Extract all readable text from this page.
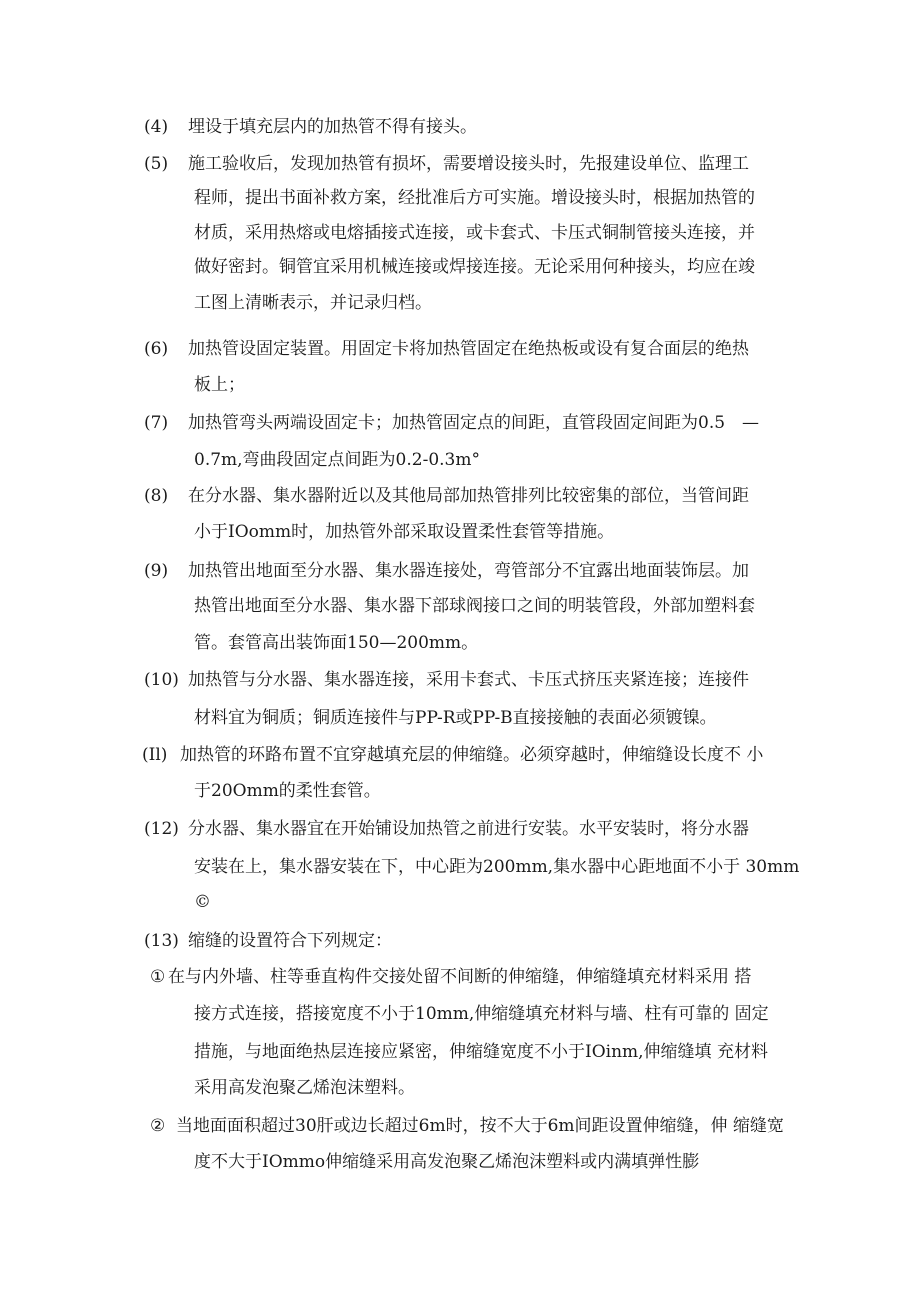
(4) 埋设于填充层内的加热管不得有接头。
(5) 施工验收后，发现加热管有损坏，需要增设接头时，先报建设单位、监理工
程师，提出书面补救方案，经批准后方可实施。增设接头时，根据加热管的
材质，采用热熔或电熔插接式连接，或卡套式、卡压式铜制管接头连接，并
做好密封。铜管宜采用机械连接或焊接连接。无论采用何种接头，均应在竣
工图上清晰表示，并记录归档。
(6) 加热管设固定装置。用固定卡将加热管固定在绝热板或设有复合面层的绝热
板上；
(7) 加热管弯头两端设固定卡；加热管固定点的间距，直管段固定间距为0.5　—
0.7m,弯曲段固定点间距为0.2-0.3m°
(8) 在分水器、集水器附近以及其他局部加热管排列比较密集的部位，当管间距
小于IOomm时，加热管外部采取设置柔性套管等措施。
(9) 加热管出地面至分水器、集水器连接处，弯管部分不宜露出地面装饰层。加
热管出地面至分水器、集水器下部球阀接口之间的明装管段，外部加塑料套
管。套管高出装饰面150—200mm。
(10) 加热管与分水器、集水器连接，采用卡套式、卡压式挤压夹紧连接；连接件
材料宜为铜质；铜质连接件与PP-R或PP-B直接接触的表面必须镀镍。
(Il) 加热管的环路布置不宜穿越填充层的伸缩缝。必须穿越时，伸缩缝设长度不 小
于20Omm的柔性套管。
(12) 分水器、集水器宜在开始铺设加热管之前进行安装。水平安装时，将分水器
安装在上，集水器安装在下，中心距为200mm,集水器中心距地面不小于 30mm
©
(13) 缩缝的设置符合下列规定：
① 在与内外墙、柱等垂直构件交接处留不间断的伸缩缝，伸缩缝填充材料采用 搭
接方式连接，搭接宽度不小于10mm,伸缩缝填充材料与墙、柱有可靠的 固定
措施，与地面绝热层连接应紧密，伸缩缝宽度不小于IOinm,伸缩缝填 充材料
采用高发泡聚乙烯泡沫塑料。
② 当地面面积超过30肝或边长超过6m时，按不大于6m间距设置伸缩缝，伸 缩缝宽
度不大于IOmmo伸缩缝采用高发泡聚乙烯泡沫塑料或内满填弹性膨
